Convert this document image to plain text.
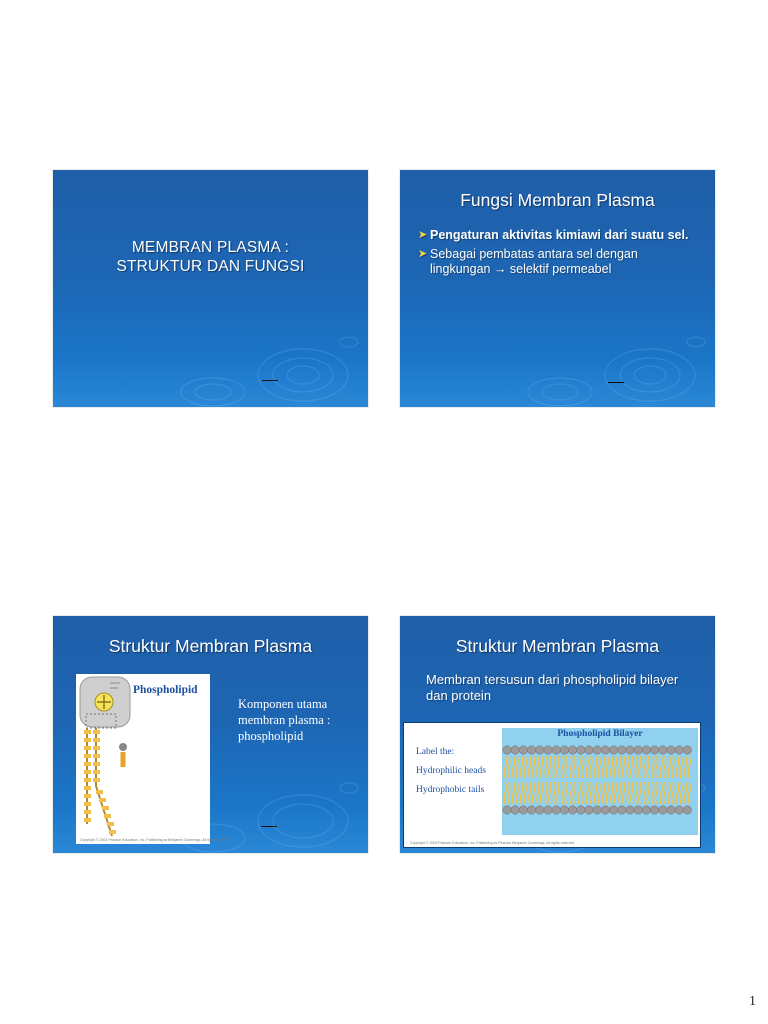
MEMBRAN PLASMA :
STRUKTUR DAN FUNGSI
Fungsi Membran Plasma
➤ Pengaturan aktivitas kimiawi dari suatu sel.
➤ Sebagai pembatas antara sel dengan lingkungan → selektif permeabel
Struktur Membran Plasma
Phospholipid
Copyright © 2003 Pearson Education, Inc. Publishing as Benjamin Cummings. All rights reserved.
Komponen utama membran plasma : phospholipid
Struktur Membran Plasma
Membran tersusun dari phospholipid bilayer dan protein
Label the:
Hydrophilic heads
Hydrophobic tails
Phospholipid Bilayer
Copyright © 2003 Pearson Education, Inc. Publishing as Pearson Benjamin Cummings. All rights reserved.
1
